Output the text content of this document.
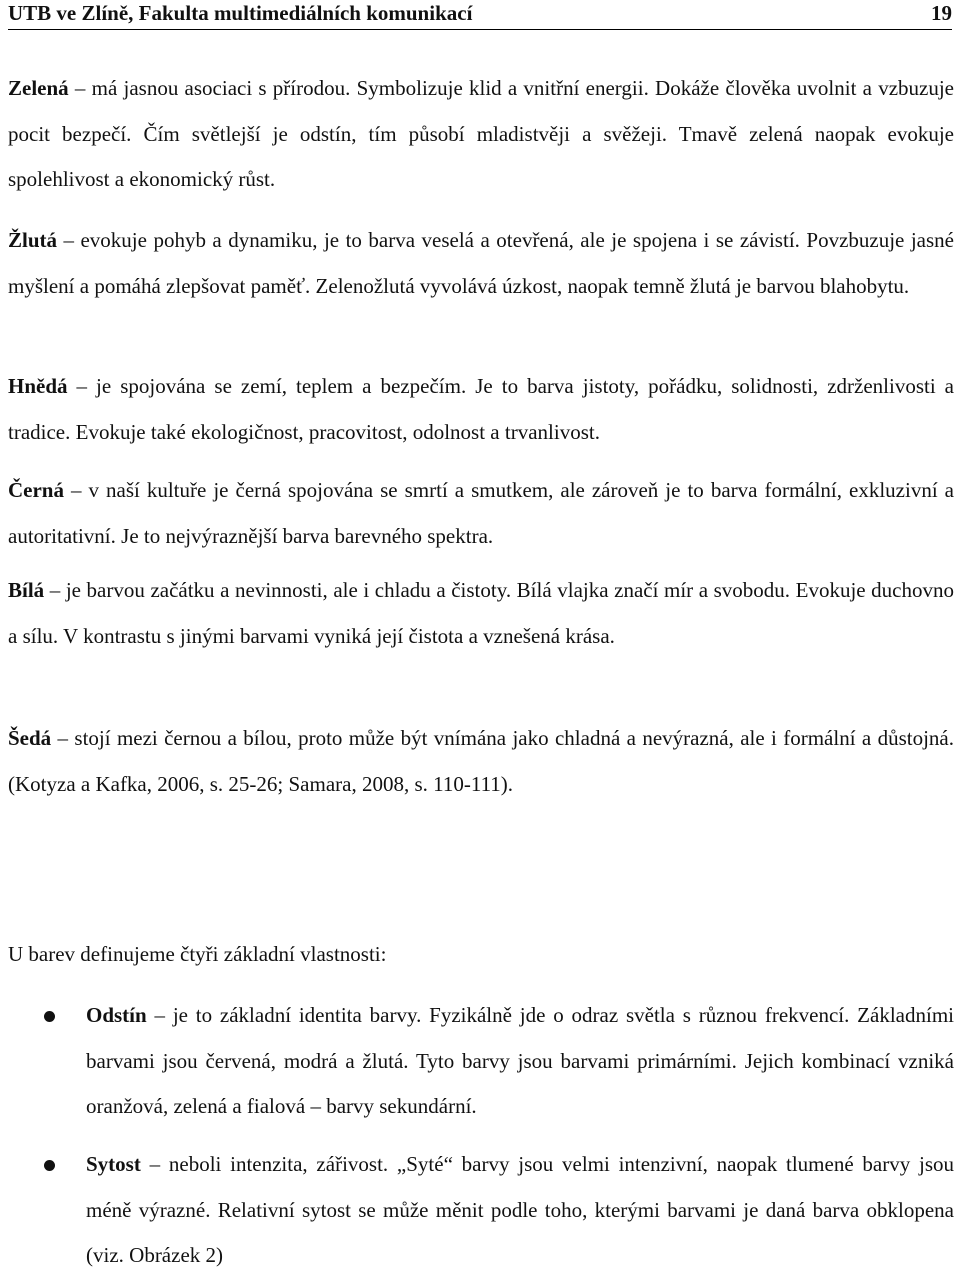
UTB ve Zlíně, Fakulta multimediálních komunikací	19

Zelená – má jasnou asociaci s přírodou. Symbolizuje klid a vnitřní energii. Dokáže člověka uvolnit a vzbuzuje pocit bezpečí. Čím světlejší je odstín, tím působí mladistvěji a svěžeji. Tmavě zelená naopak evokuje spolehlivost a ekonomický růst.

Žlutá – evokuje pohyb a dynamiku, je to barva veselá a otevřená, ale je spojena i se závistí. Povzbuzuje jasné myšlení a pomáhá zlepšovat paměť. Zelenožlutá vyvolává úzkost, naopak temně žlutá je barvou blahobytu.

Hnědá – je spojována se zemí, teplem a bezpečím. Je to barva jistoty, pořádku, solidnosti, zdrženlivosti a tradice. Evokuje také ekologičnost, pracovitost, odolnost a trvanlivost.

Černá – v naší kultuře je černá spojována se smrtí a smutkem, ale zároveň je to barva formální, exkluzivní a autoritativní. Je to nejvýraznější barva barevného spektra.

Bílá – je barvou začátku a nevinnosti, ale i chladu a čistoty. Bílá vlajka značí mír a svobodu. Evokuje duchovno a sílu. V kontrastu s jinými barvami vyniká její čistota a vznešená krása.

Šedá – stojí mezi černou a bílou, proto může být vnímána jako chladná a nevýrazná, ale i formální a důstojná. (Kotyza a Kafka, 2006, s. 25-26; Samara, 2008, s. 110-111).

U barev definujeme čtyři základní vlastnosti:

Odstín – je to základní identita barvy. Fyzikálně jde o odraz světla s různou frekvencí. Základními barvami jsou červená, modrá a žlutá. Tyto barvy jsou barvami primárními. Jejich kombinací vzniká oranžová, zelená a fialová – barvy sekundární.

Sytost – neboli intenzita, zářivost. „Syté“ barvy jsou velmi intenzivní, naopak tlumené barvy jsou méně výrazné. Relativní sytost se může měnit podle toho, kterými barvami je daná barva obklopena (viz. Obrázek 2)
